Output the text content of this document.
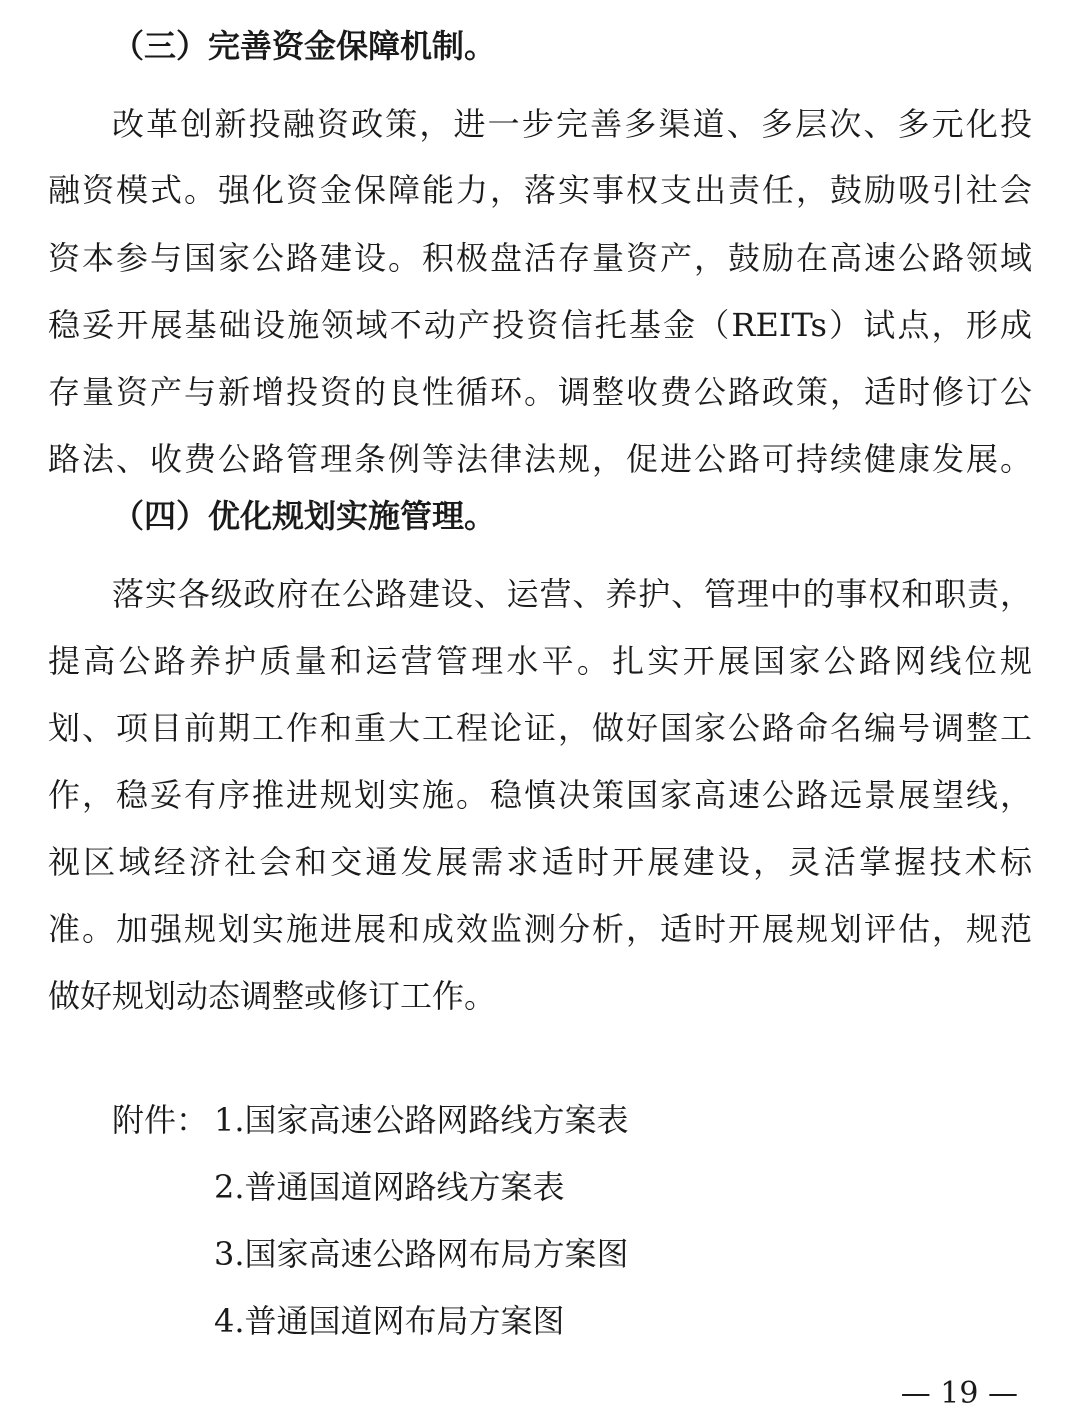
（三）完善资金保障机制。
改革创新投融资政策，进一步完善多渠道、多层次、多元化投
融资模式。强化资金保障能力，落实事权支出责任，鼓励吸引社会
资本参与国家公路建设。积极盘活存量资产，鼓励在高速公路领域
稳妥开展基础设施领域不动产投资信托基金（REITs）试点，形成
存量资产与新增投资的良性循环。调整收费公路政策，适时修订公
路法、收费公路管理条例等法律法规，促进公路可持续健康发展。
（四）优化规划实施管理。
落实各级政府在公路建设、运营、养护、管理中的事权和职责，
提高公路养护质量和运营管理水平。扎实开展国家公路网线位规
划、项目前期工作和重大工程论证，做好国家公路命名编号调整工
作，稳妥有序推进规划实施。稳慎决策国家高速公路远景展望线，
视区域经济社会和交通发展需求适时开展建设，灵活掌握技术标
准。加强规划实施进展和成效监测分析，适时开展规划评估，规范
做好规划动态调整或修订工作。
附件： 1.国家高速公路网路线方案表
2.普通国道网路线方案表
3.国家高速公路网布局方案图
4.普通国道网布局方案图
— 19 —
